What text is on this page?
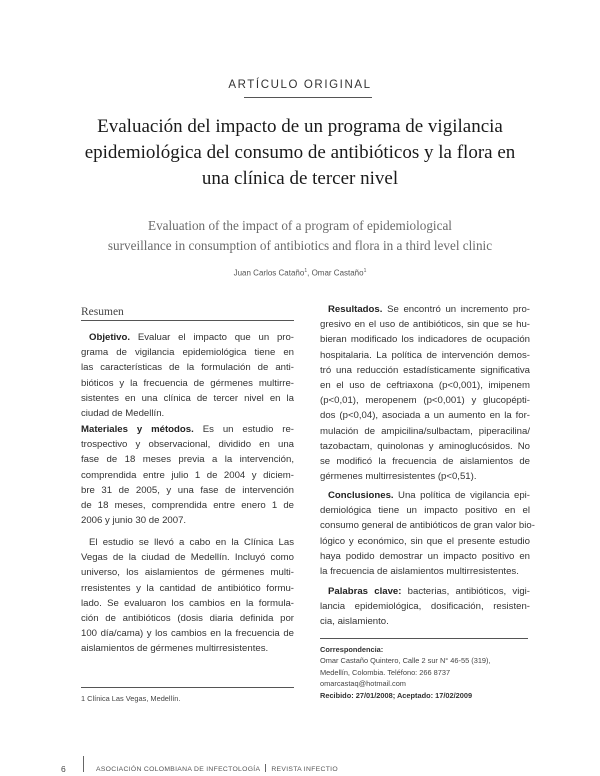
ARTÍCULO ORIGINAL
Evaluación del impacto de un programa de vigilancia
epidemiológica del consumo de antibióticos y la flora en
una clínica de tercer nivel
Evaluation of the impact of a program of epidemiological
surveillance in consumption of antibiotics and flora in a third level clinic
Juan Carlos Cataño$^1$, Omar Castaño$^1$
Resumen
Objetivo. Evaluar el impacto que un pro-
grama de vigilancia epidemiológica tiene en
las características de la formulación de anti-
bióticos y la frecuencia de gérmenes multirre-
sistentes en una clínica de tercer nivel en la
ciudad de Medellín.
Materiales y métodos. Es un estudio re-
trospectivo y observacional, dividido en una
fase de 18 meses previa a la intervención,
comprendida entre julio 1 de 2004 y diciem-
bre 31 de 2005, y una fase de intervención
de 18 meses, comprendida entre enero 1 de
2006 y junio 30 de 2007.
El estudio se llevó a cabo en la Clínica Las
Vegas de la ciudad de Medellín. Incluyó como
universo, los aislamientos de gérmenes multi-
rresistentes y la cantidad de antibiótico formu-
lado. Se evaluaron los cambios en la formula-
ción de antibióticos (dosis diaria definida por
100 día/cama) y los cambios en la frecuencia de
aislamientos de gérmenes multirresistentes.
Resultados. Se encontró un incremento pro-
gresivo en el uso de antibióticos, sin que se hu-
bieran modificado los indicadores de ocupación
hospitalaria. La política de intervención demos-
tró una reducción estadísticamente significativa
en el uso de ceftriaxona (p<0,001), imipenem
(p<0,01), meropenem (p<0,001) y glucopépti-
dos (p<0,04), asociada a un aumento en la for-
mulación de ampicilina/sulbactam, piperacilina/
tazobactam, quinolonas y aminoglucósidos. No
se modificó la frecuencia de aislamientos de
gérmenes multirresistentes (p<0,51).
Conclusiones. Una política de vigilancia epi-
demiológica tiene un impacto positivo en el
consumo general de antibióticos de gran valor bio-
lógico y económico, sin que el presente estudio
haya podido demostrar un impacto positivo en
la frecuencia de aislamientos multirresistentes.
Palabras clave: bacterias, antibióticos, vigi-
lancia epidemiológica, dosificación, resisten-
cia, aislamiento.
Correspondencia:
Omar Castaño Quintero, Calle 2 sur N° 46-55 (319),
Medellín, Colombia. Teléfono: 266 8737
omarcastaq@hotmail.com
Recibido: 27/01/2008; Aceptado: 17/02/2009
1 Clínica Las Vegas, Medellín.
6	ASOCIACIÓN COLOMBIANA DE INFECTOLOGÍA REVISTA INFECTIO
